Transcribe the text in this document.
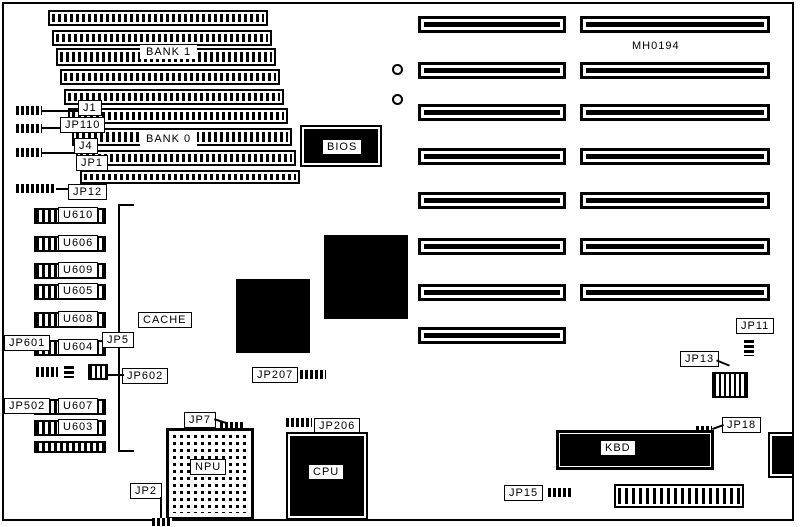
MH0194
BANK 1
BANK 0
J1
JP110
J4
JP1
JP12
U610
U606
U609
U605
U608
U604
U607
U603
CACHE
JP601	JP5
JP602
JP502
BIOS
JP207
JP206
JP7
NPU
JP2
CPU
JP11
JP13
JP18
JP15
KBD
